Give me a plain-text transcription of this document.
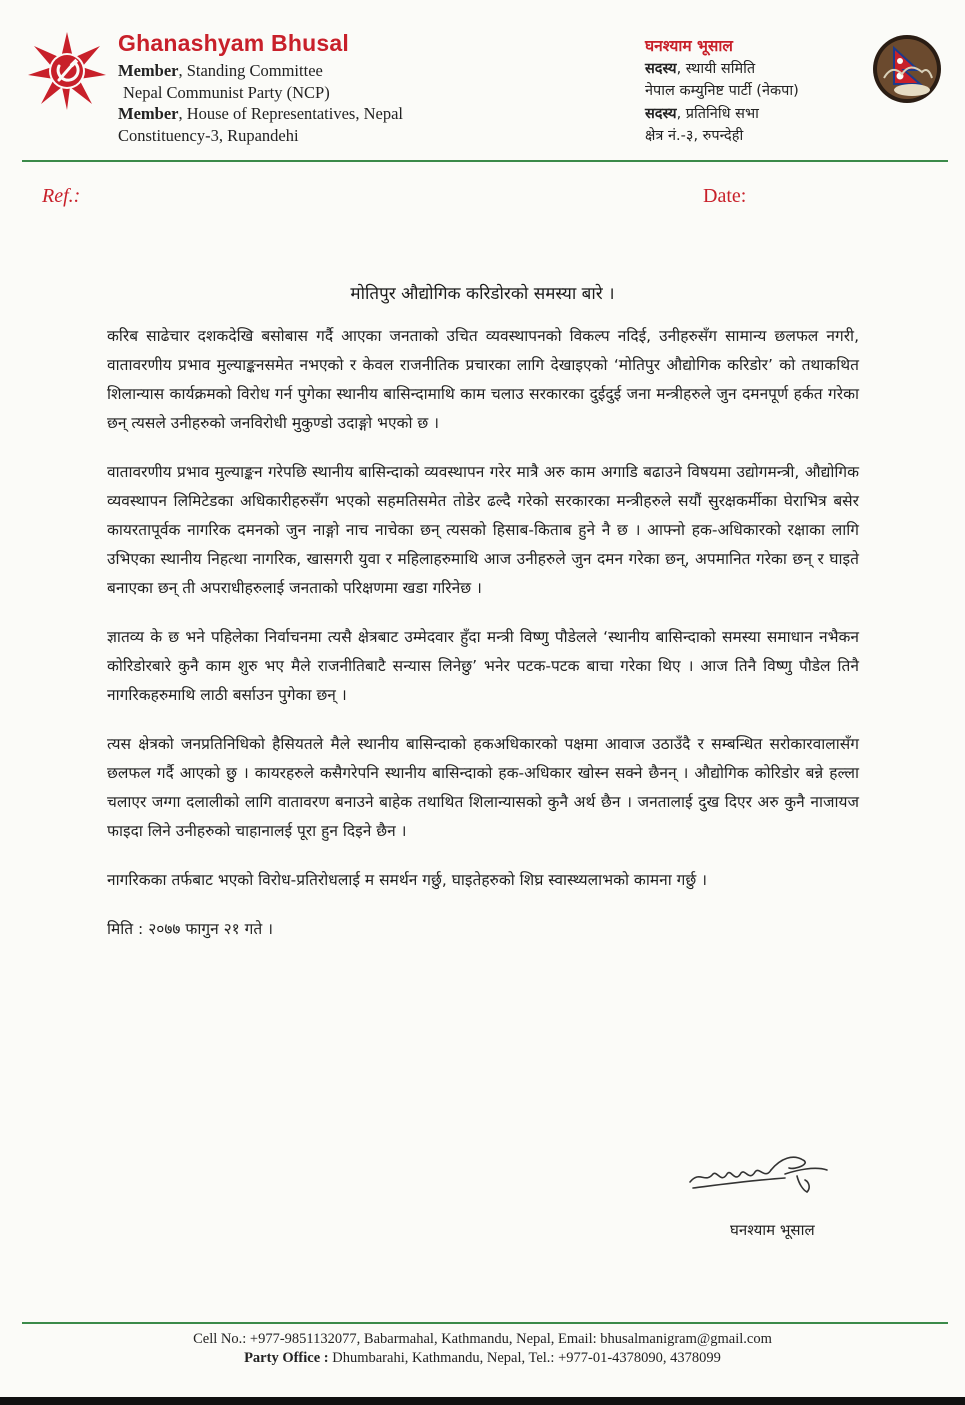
Ghanashyam Bhusal
Member, Standing Committee
Nepal Communist Party (NCP)
Member, House of Representatives, Nepal
Constituency-3, Rupandehi
घनश्याम भूसाल
सदस्य, स्थायी समिति
नेपाल कम्युनिष्ट पार्टी (नेकपा)
सदस्य, प्रतिनिधि सभा
क्षेत्र नं.-३, रुपन्देही
Ref.:	Date:
मोतिपुर औद्योगिक करिडोरको समस्या बारे ।

करिब साढेचार दशकदेखि बसोबास गर्दै आएका जनताको उचित व्यवस्थापनको विकल्प नदिई, उनीहरुसँग सामान्य छलफल नगरी, वातावरणीय प्रभाव मुल्याङ्कनसमेत नभएको र केवल राजनीतिक प्रचारका लागि देखाइएको ‘मोतिपुर औद्योगिक करिडोर’ को तथाकथित शिलान्यास कार्यक्रमको विरोध गर्न पुगेका स्थानीय बासिन्दामाथि काम चलाउ सरकारका दुईदुई जना मन्त्रीहरुले जुन दमनपूर्ण हर्कत गरेका छन् त्यसले उनीहरुको जनविरोधी मुकुण्डो उदाङ्गो भएको छ ।

वातावरणीय प्रभाव मुल्याङ्कन गरेपछि स्थानीय बासिन्दाको व्यवस्थापन गरेर मात्रै अरु काम अगाडि बढाउने विषयमा उद्योगमन्त्री, औद्योगिक व्यवस्थापन लिमिटेडका अधिकारीहरुसँग भएको सहमतिसमेत तोडेर ढल्दै गरेको सरकारका मन्त्रीहरुले सयौं सुरक्षकर्मीका घेराभित्र बसेर कायरतापूर्वक नागरिक दमनको जुन नाङ्गो नाच नाचेका छन् त्यसको हिसाब-किताब हुने नै छ । आफ्नो हक-अधिकारको रक्षाका लागि उभिएका स्थानीय निहत्था नागरिक, खासगरी युवा र महिलाहरुमाथि आज उनीहरुले जुन दमन गरेका छन्, अपमानित गरेका छन् र घाइते बनाएका छन् ती अपराधीहरुलाई जनताको परिक्षणमा खडा गरिनेछ ।

ज्ञातव्य के छ भने पहिलेका निर्वाचनमा त्यसै क्षेत्रबाट उम्मेदवार हुँदा मन्त्री विष्णु पौडेलले ‘स्थानीय बासिन्दाको समस्या समाधान नभैकन कोरिडोरबारे कुनै काम शुरु भए मैले राजनीतिबाटै सन्यास लिनेछु’ भनेर पटक-पटक बाचा गरेका थिए । आज तिनै विष्णु पौडेल तिनै नागरिकहरुमाथि लाठी बर्साउन पुगेका छन् ।

त्यस क्षेत्रको जनप्रतिनिधिको हैसियतले मैले स्थानीय बासिन्दाको हकअधिकारको पक्षमा आवाज उठाउँदै र सम्बन्धित सरोकारवालासँग छलफल गर्दै आएको छु । कायरहरुले कसैगरेपनि स्थानीय बासिन्दाको हक-अधिकार खोस्न सक्ने छैनन् । औद्योगिक कोरिडोर बन्ने हल्ला चलाएर जग्गा दलालीको लागि वातावरण बनाउने बाहेक तथाथित शिलान्यासको कुनै अर्थ छैन । जनतालाई दुख दिएर अरु कुनै नाजायज फाइदा लिने उनीहरुको चाहानालई पूरा हुन दिइने छैन ।

नागरिकका तर्फबाट भएको विरोध-प्रतिरोधलाई म समर्थन गर्छु, घाइतेहरुको शिघ्र स्वास्थ्यलाभको कामना गर्छु ।

मिति : २०७७ फागुन २१ गते ।

घनश्याम भूसाल
Cell No.: +977-9851132077, Babarmahal, Kathmandu, Nepal, Email: bhusalmanigram@gmail.com
Party Office : Dhumbarahi, Kathmandu, Nepal, Tel.: +977-01-4378090, 4378099
